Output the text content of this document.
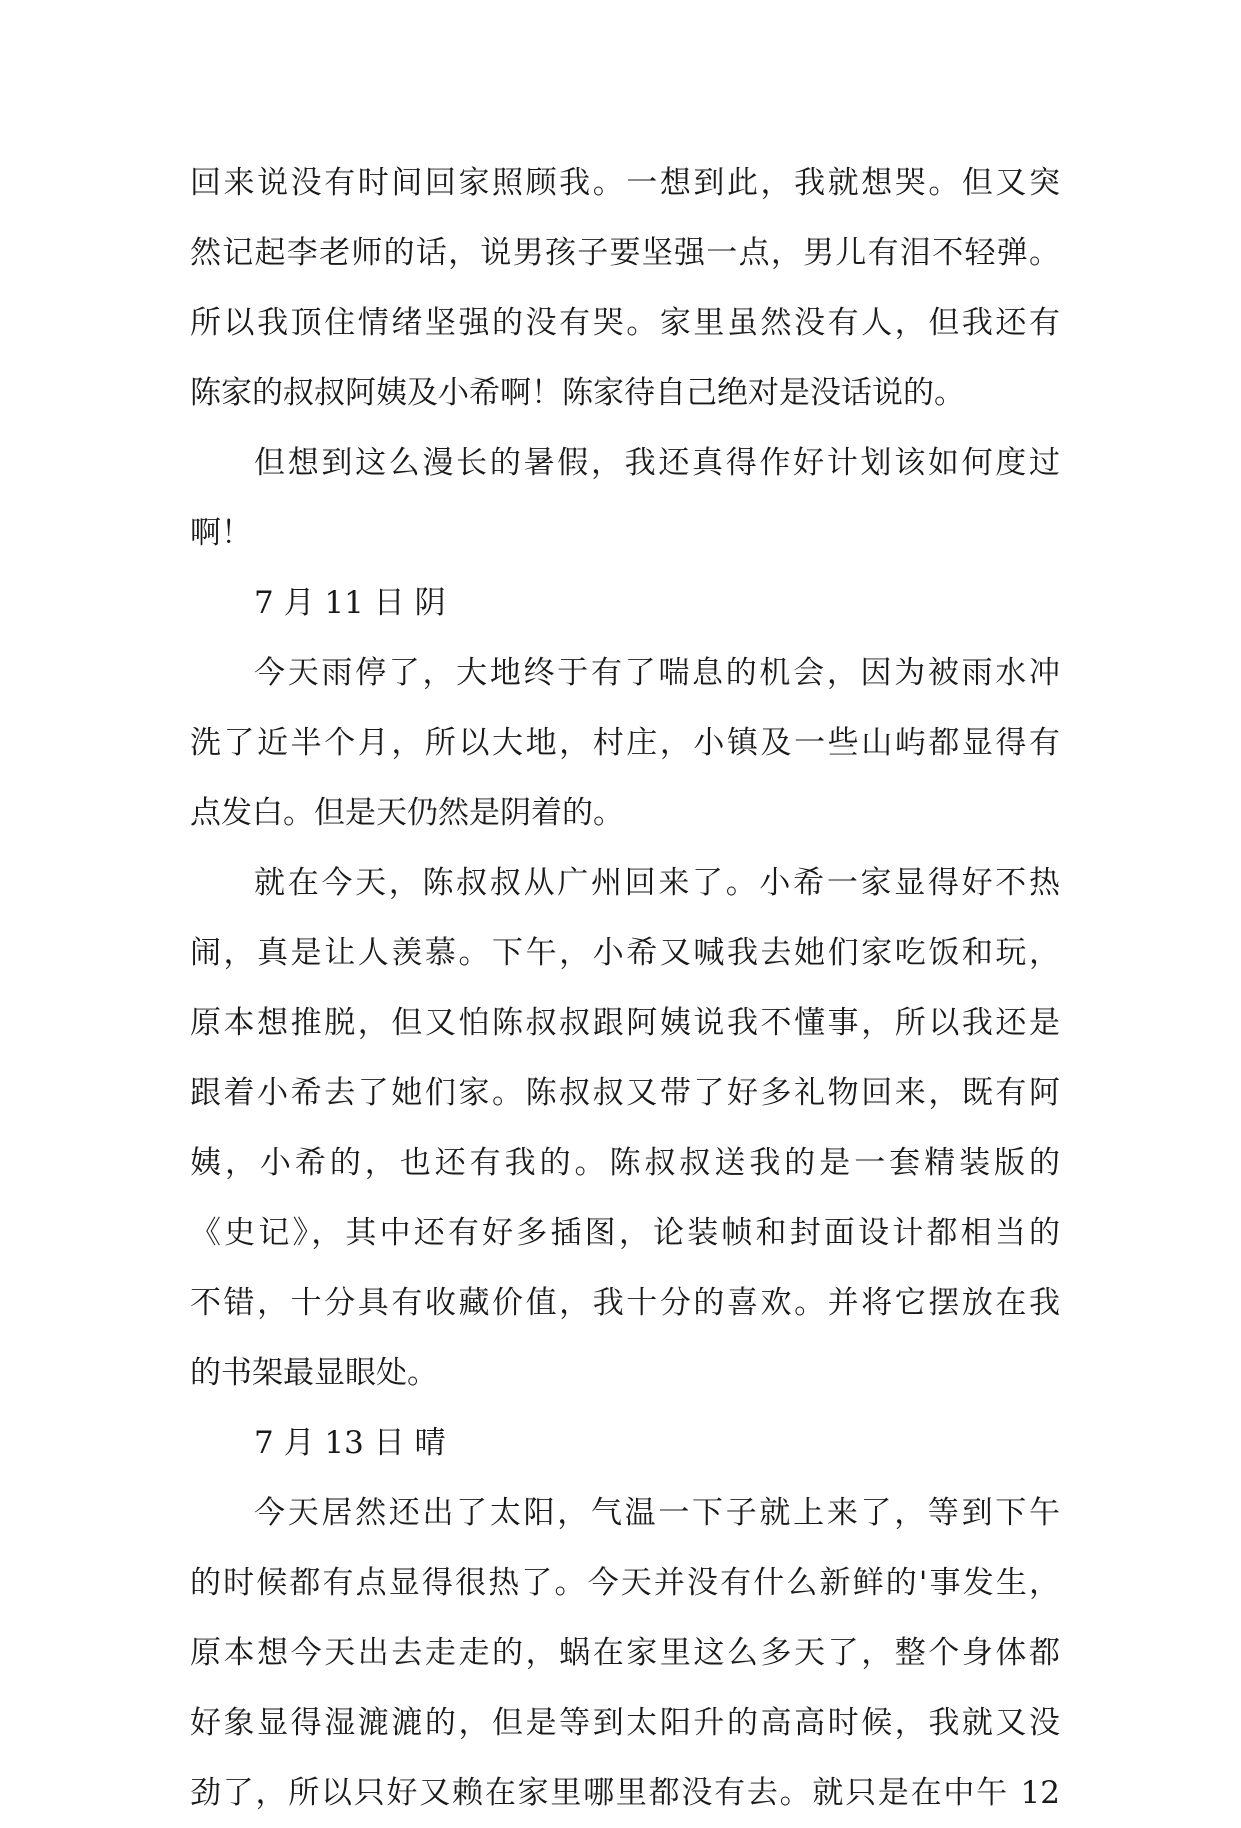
回来说没有时间回家照顾我。一想到此，我就想哭。但又突
然记起李老师的话，说男孩子要坚强一点，男儿有泪不轻弹。
所以我顶住情绪坚强的没有哭。家里虽然没有人，但我还有
陈家的叔叔阿姨及小希啊！陈家待自己绝对是没话说的。
但想到这么漫长的暑假，我还真得作好计划该如何度过
啊！
7 月 11 日 阴
今天雨停了，大地终于有了喘息的机会，因为被雨水冲
洗了近半个月，所以大地，村庄，小镇及一些山屿都显得有
点发白。但是天仍然是阴着的。
就在今天，陈叔叔从广州回来了。小希一家显得好不热
闹，真是让人羡慕。下午，小希又喊我去她们家吃饭和玩，
原本想推脱，但又怕陈叔叔跟阿姨说我不懂事，所以我还是
跟着小希去了她们家。陈叔叔又带了好多礼物回来，既有阿
姨，小希的，也还有我的。陈叔叔送我的是一套精装版的
《史记》，其中还有好多插图，论装帧和封面设计都相当的
不错，十分具有收藏价值，我十分的喜欢。并将它摆放在我
的书架最显眼处。
7 月 13 日 晴
今天居然还出了太阳，气温一下子就上来了，等到下午
的时候都有点显得很热了。今天并没有什么新鲜的'事发生，
原本想今天出去走走的，蜗在家里这么多天了，整个身体都
好象显得湿漉漉的，但是等到太阳升的高高时候，我就又没
劲了，所以只好又赖在家里哪里都没有去。就只是在中午 12
